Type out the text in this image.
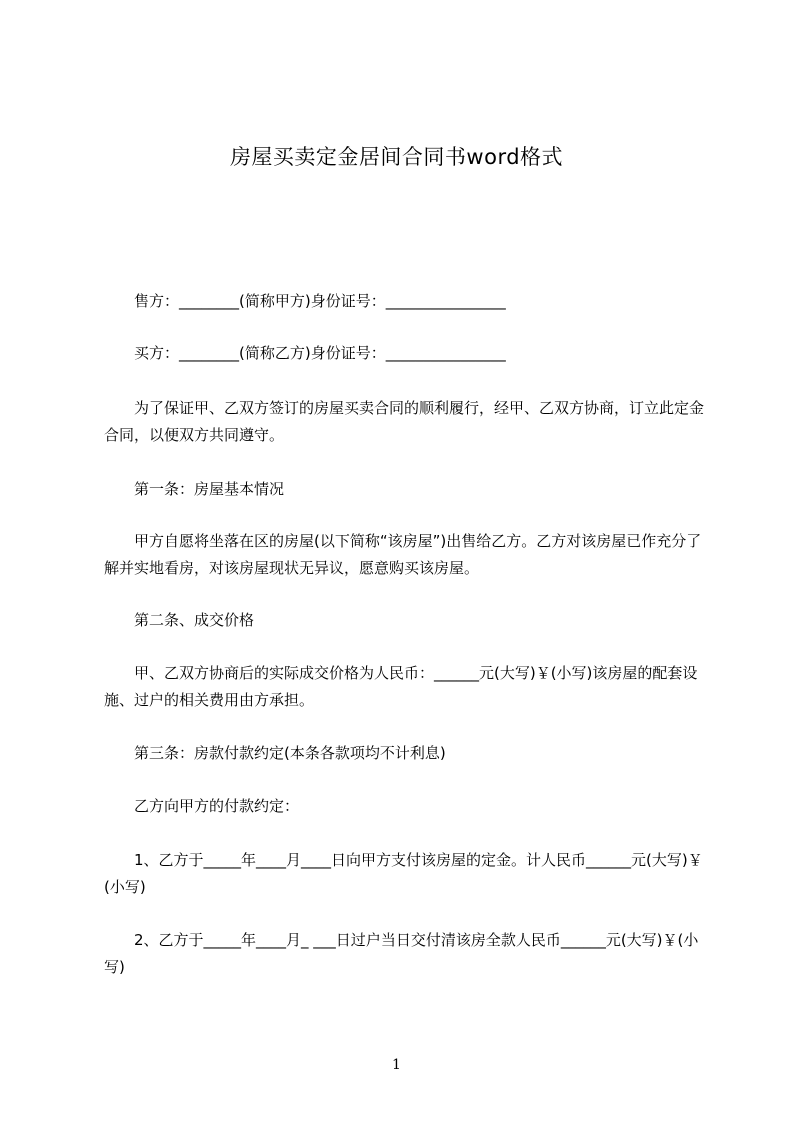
房屋买卖定金居间合同书word格式
　　售方：________(简称甲方)身份证号：________________
　　买方：________(简称乙方)身份证号：________________
　　为了保证甲、乙双方签订的房屋买卖合同的顺利履行，经甲、乙双方协商，订立此定金合同，以便双方共同遵守。
　　第一条：房屋基本情况
　　甲方自愿将坐落在区的房屋(以下简称“该房屋”)出售给乙方。乙方对该房屋已作充分了解并实地看房，对该房屋现状无异议，愿意购买该房屋。
　　第二条、成交价格
　　甲、乙双方协商后的实际成交价格为人民币：______元(大写)￥(小写)该房屋的配套设施、过户的相关费用由方承担。
　　第三条：房款付款约定(本条各款项均不计利息)
　　乙方向甲方的付款约定：
　　1、乙方于_____年____月____日向甲方支付该房屋的定金。计人民币______元(大写)￥(小写)
　　2、乙方于_____年____月_ ___日过户当日交付清该房全款人民币______元(大写)￥(小写)
1
